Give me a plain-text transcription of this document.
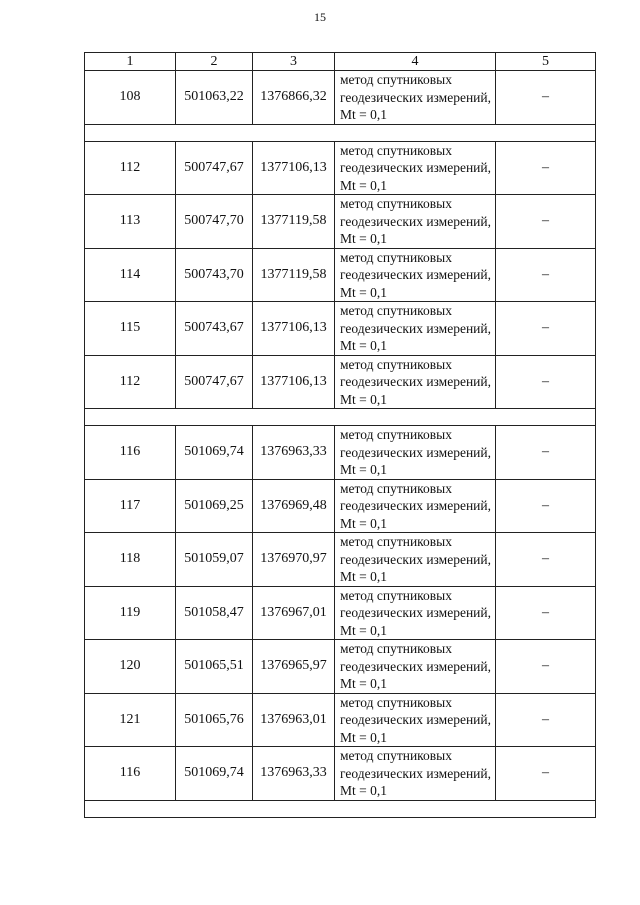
15
1	2	3	4	5
108	501063,22	1376866,32	метод спутниковых геодезических измерений, Mt = 0,1	–

112	500747,67	1377106,13	метод спутниковых геодезических измерений, Mt = 0,1	–
113	500747,70	1377119,58	метод спутниковых геодезических измерений, Mt = 0,1	–
114	500743,70	1377119,58	метод спутниковых геодезических измерений, Mt = 0,1	–
115	500743,67	1377106,13	метод спутниковых геодезических измерений, Mt = 0,1	–
112	500747,67	1377106,13	метод спутниковых геодезических измерений, Mt = 0,1	–

116	501069,74	1376963,33	метод спутниковых геодезических измерений, Mt = 0,1	–
117	501069,25	1376969,48	метод спутниковых геодезических измерений, Mt = 0,1	–
118	501059,07	1376970,97	метод спутниковых геодезических измерений, Mt = 0,1	–
119	501058,47	1376967,01	метод спутниковых геодезических измерений, Mt = 0,1	–
120	501065,51	1376965,97	метод спутниковых геодезических измерений, Mt = 0,1	–
121	501065,76	1376963,01	метод спутниковых геодезических измерений, Mt = 0,1	–
116	501069,74	1376963,33	метод спутниковых геодезических измерений, Mt = 0,1	–
